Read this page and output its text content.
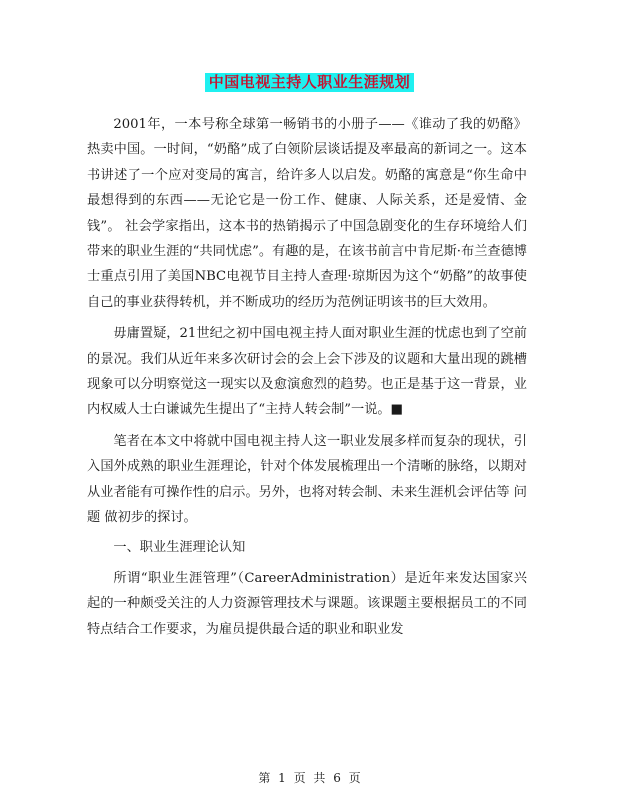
中国电视主持人职业生涯规划

2001年，一本号称全球第一畅销书的小册子——《谁动了我的奶酪》热卖中国。一时间，“奶酪”成了白领阶层谈话提及率最高的新词之一。这本书讲述了一个应对变局的寓言，给许多人以启发。奶酪的寓意是“你生命中最想得到的东西——无论它是一份工作、健康、人际关系，还是爱情、金钱”。 社会学家指出，这本书的热销揭示了中国急剧变化的生存环境给人们带来的职业生涯的“共同忧虑”。有趣的是，在该书前言中肯尼斯·布兰查德博士重点引用了美国NBC电视节目主持人查理·琼斯因为这个“奶酪”的故事使自己的事业获得转机，并不断成功的经历为范例证明该书的巨大效用。

毋庸置疑，21世纪之初中国电视主持人面对职业生涯的忧虑也到了空前的景况。我们从近年来多次研讨会的会上会下涉及的议题和大量出现的跳槽现象可以分明察觉这一现实以及愈演愈烈的趋势。也正是基于这一背景，业内权威人士白谦诚先生提出了“主持人转会制”一说。■

笔者在本文中将就中国电视主持人这一职业发展多样而复杂的现状，引入国外成熟的职业生涯理论，针对个体发展梳理出一个清晰的脉络，以期对从业者能有可操作性的启示。另外，也将对转会制、未来生涯机会评估等 问题 做初步的探讨。

一、职业生涯理论认知

所谓“职业生涯管理”（CareerAdministration）是近年来发达国家兴起的一种颇受关注的人力资源管理技术与课题。该课题主要根据员工的不同特点结合工作要求，为雇员提供最合适的职业和职业发

第 1 页 共 6 页
